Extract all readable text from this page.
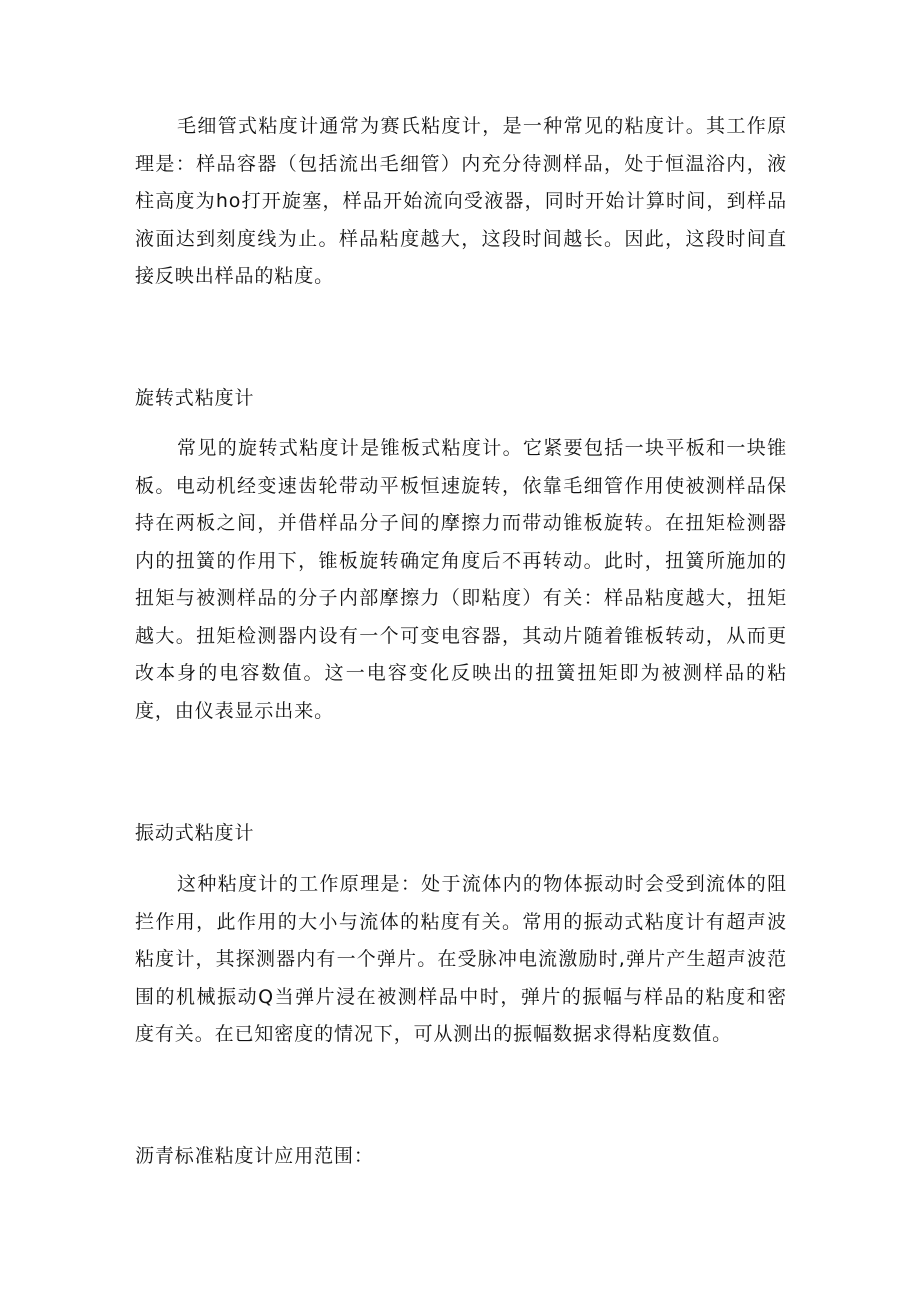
毛细管式粘度计通常为赛氏粘度计，是一种常见的粘度计。其工作原理是：样品容器（包括流出毛细管）内充分待测样品，处于恒温浴内，液柱高度为ho打开旋塞，样品开始流向受液器，同时开始计算时间，到样品液面达到刻度线为止。样品粘度越大，这段时间越长。因此，这段时间直接反映出样品的粘度。

旋转式粘度计

常见的旋转式粘度计是锥板式粘度计。它紧要包括一块平板和一块锥板。电动机经变速齿轮带动平板恒速旋转，依靠毛细管作用使被测样品保持在两板之间，并借样品分子间的摩擦力而带动锥板旋转。在扭矩检测器内的扭簧的作用下，锥板旋转确定角度后不再转动。此时，扭簧所施加的扭矩与被测样品的分子内部摩擦力（即粘度）有关：样品粘度越大，扭矩越大。扭矩检测器内设有一个可变电容器，其动片随着锥板转动，从而更改本身的电容数值。这一电容变化反映出的扭簧扭矩即为被测样品的粘度，由仪表显示出来。

振动式粘度计

这种粘度计的工作原理是：处于流体内的物体振动时会受到流体的阻拦作用，此作用的大小与流体的粘度有关。常用的振动式粘度计有超声波粘度计，其探测器内有一个弹片。在受脉冲电流激励时,弹片产生超声波范围的机械振动Q当弹片浸在被测样品中时，弹片的振幅与样品的粘度和密度有关。在已知密度的情况下，可从测出的振幅数据求得粘度数值。

沥青标准粘度计应用范围：
